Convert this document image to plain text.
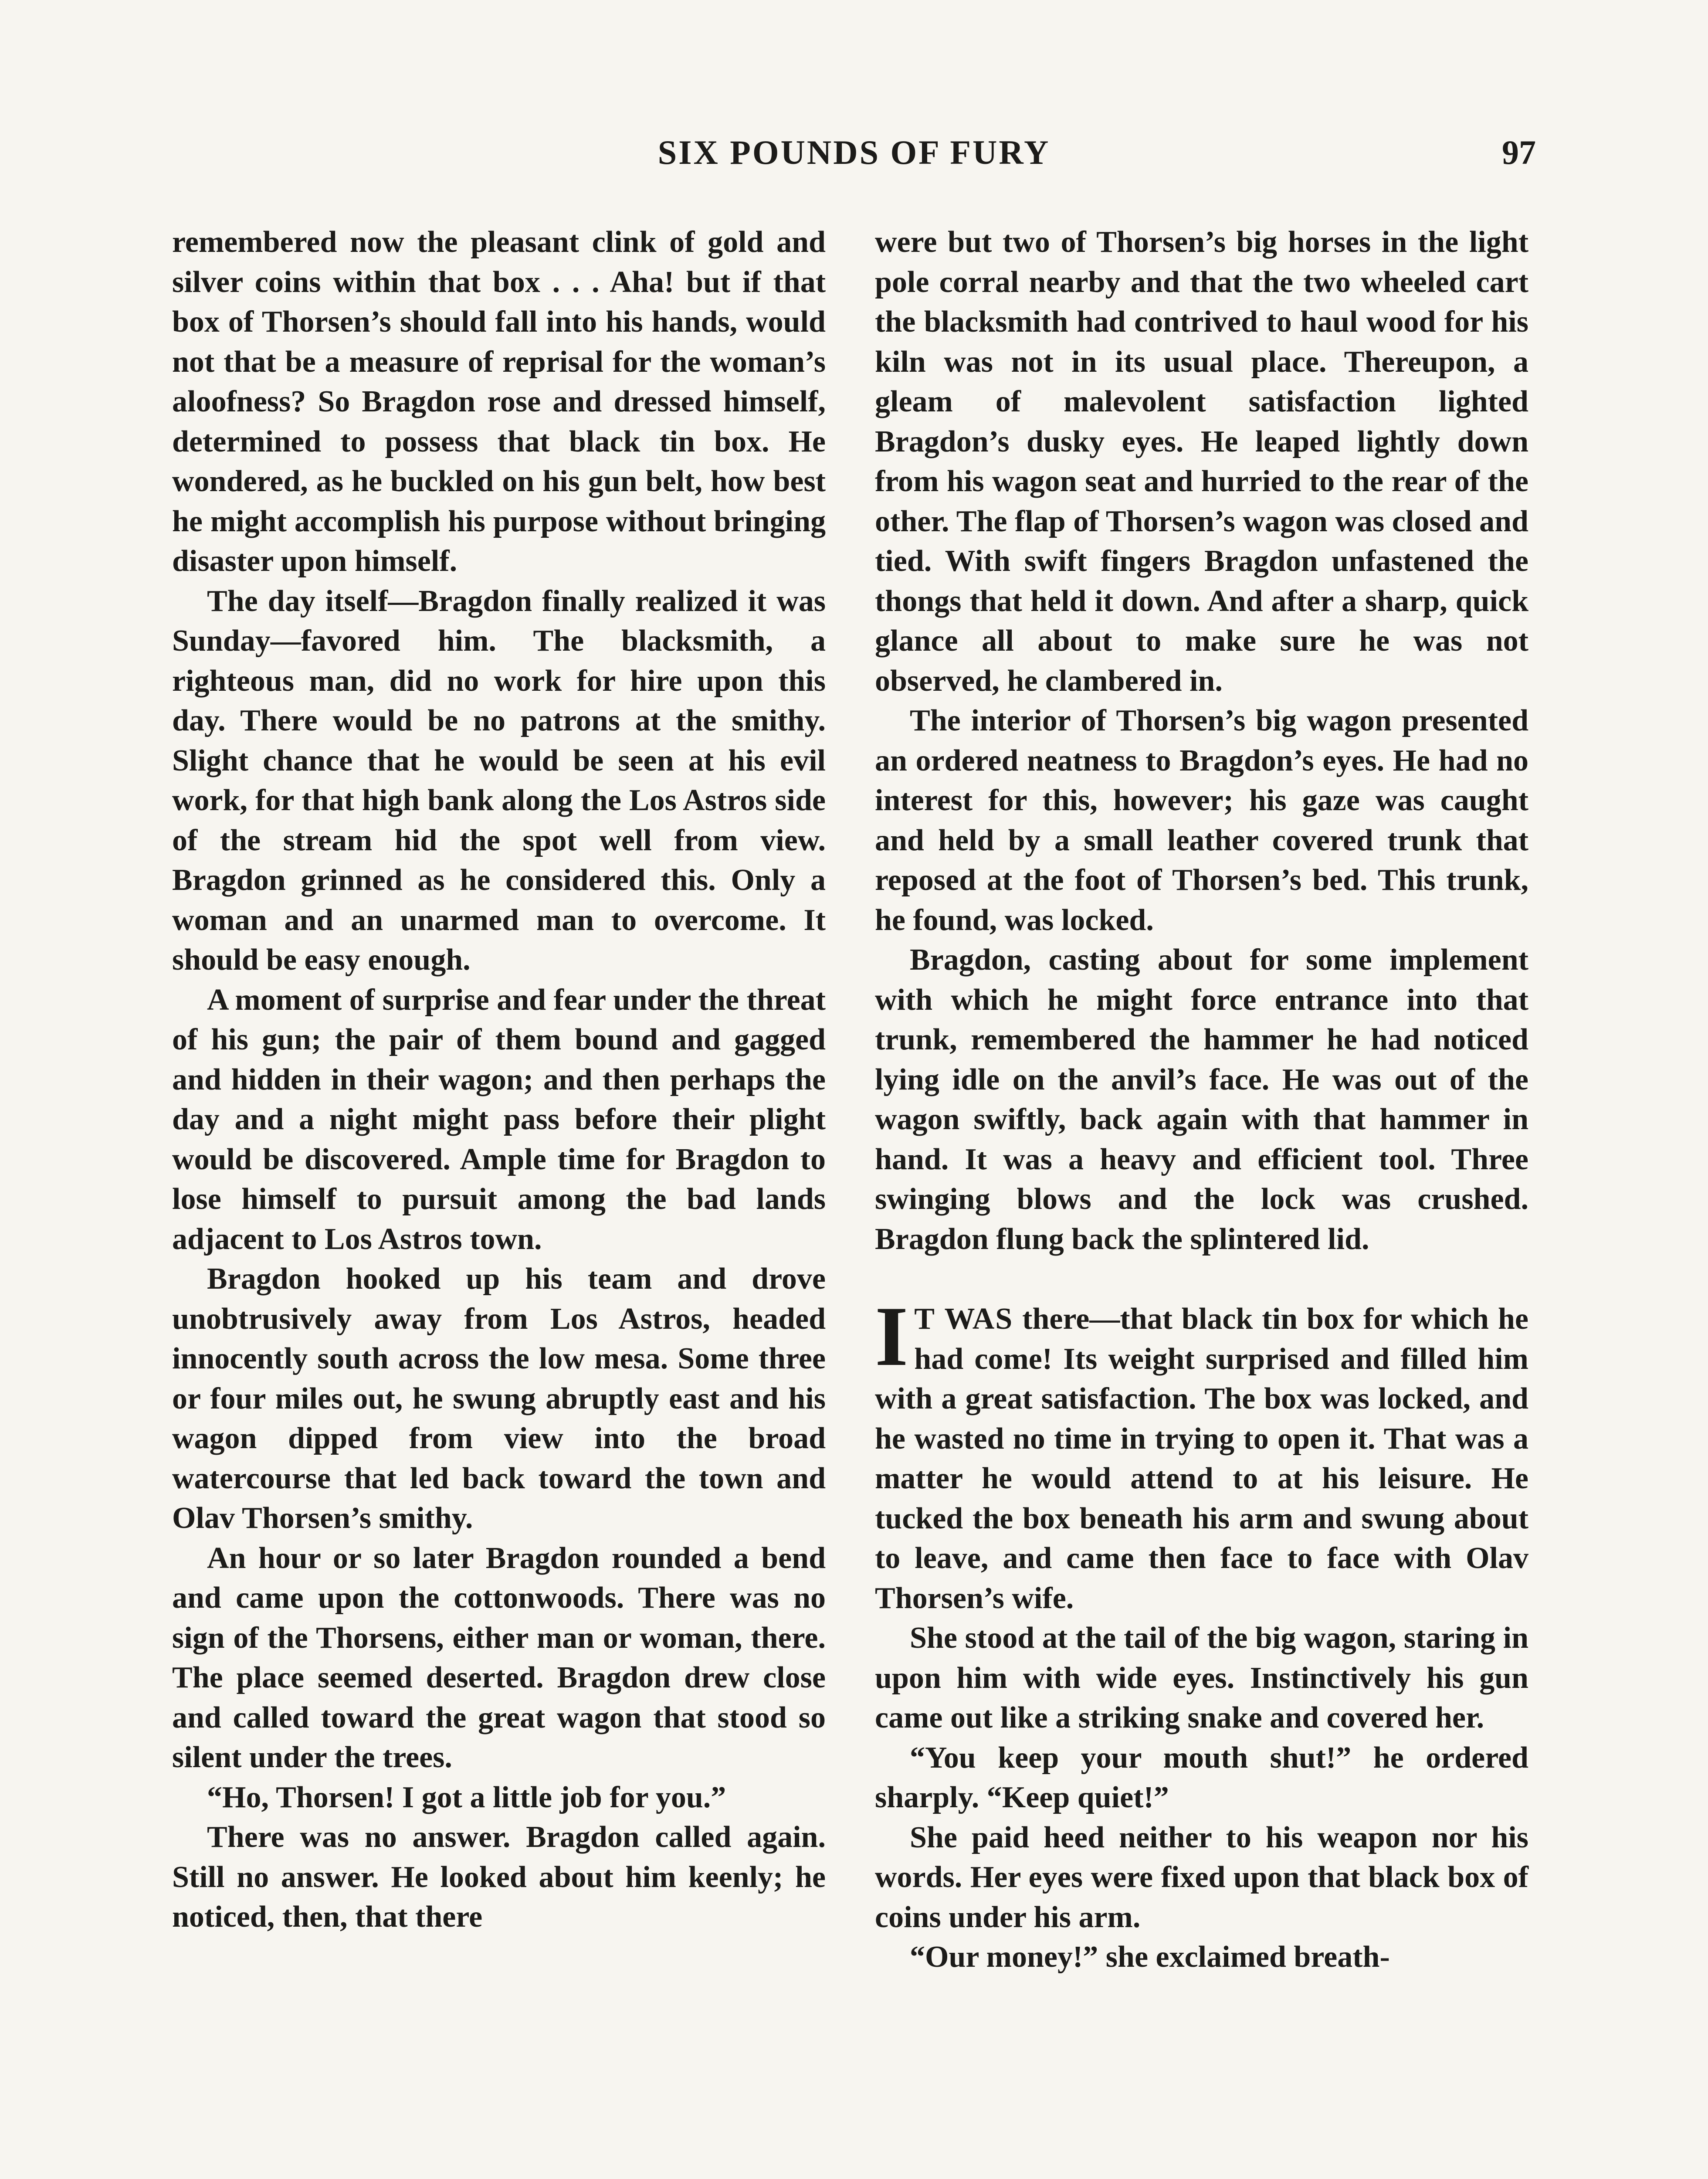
SIX POUNDS OF FURY	97

remembered now the pleasant clink of gold and silver coins within that box . . . Aha! but if that box of Thorsen’s should fall into his hands, would not that be a measure of reprisal for the woman’s aloofness? So Bragdon rose and dressed himself, determined to possess that black tin box. He wondered, as he buckled on his gun belt, how best he might accomplish his purpose without bringing disaster upon himself.

The day itself—Bragdon finally realized it was Sunday—favored him. The blacksmith, a righteous man, did no work for hire upon this day. There would be no patrons at the smithy. Slight chance that he would be seen at his evil work, for that high bank along the Los Astros side of the stream hid the spot well from view. Bragdon grinned as he considered this. Only a woman and an unarmed man to overcome. It should be easy enough.

A moment of surprise and fear under the threat of his gun; the pair of them bound and gagged and hidden in their wagon; and then perhaps the day and a night might pass before their plight would be discovered. Ample time for Bragdon to lose himself to pursuit among the bad lands adjacent to Los Astros town.

Bragdon hooked up his team and drove unobtrusively away from Los Astros, headed innocently south across the low mesa. Some three or four miles out, he swung abruptly east and his wagon dipped from view into the broad watercourse that led back toward the town and Olav Thorsen’s smithy.

An hour or so later Bragdon rounded a bend and came upon the cottonwoods. There was no sign of the Thorsens, either man or woman, there. The place seemed deserted. Bragdon drew close and called toward the great wagon that stood so silent under the trees.

“Ho, Thorsen! I got a little job for you.”

There was no answer. Bragdon called again. Still no answer. He looked about him keenly; he noticed, then, that there

were but two of Thorsen’s big horses in the light pole corral nearby and that the two wheeled cart the blacksmith had contrived to haul wood for his kiln was not in its usual place. Thereupon, a gleam of malevolent satisfaction lighted Bragdon’s dusky eyes. He leaped lightly down from his wagon seat and hurried to the rear of the other. The flap of Thorsen’s wagon was closed and tied. With swift fingers Bragdon unfastened the thongs that held it down. And after a sharp, quick glance all about to make sure he was not observed, he clambered in.

The interior of Thorsen’s big wagon presented an ordered neatness to Bragdon’s eyes. He had no interest for this, however; his gaze was caught and held by a small leather covered trunk that reposed at the foot of Thorsen’s bed. This trunk, he found, was locked.

Bragdon, casting about for some implement with which he might force entrance into that trunk, remembered the hammer he had noticed lying idle on the anvil’s face. He was out of the wagon swiftly, back again with that hammer in hand. It was a heavy and efficient tool. Three swinging blows and the lock was crushed. Bragdon flung back the splintered lid.

I T WAS there—that black tin box for which he had come! Its weight surprised and filled him with a great satisfaction. The box was locked, and he wasted no time in trying to open it. That was a matter he would attend to at his leisure. He tucked the box beneath his arm and swung about to leave, and came then face to face with Olav Thorsen’s wife.

She stood at the tail of the big wagon, staring in upon him with wide eyes. Instinctively his gun came out like a striking snake and covered her.

“You keep your mouth shut!” he ordered sharply. “Keep quiet!”

She paid heed neither to his weapon nor his words. Her eyes were fixed upon that black box of coins under his arm.

“Our money!” she exclaimed breath-
